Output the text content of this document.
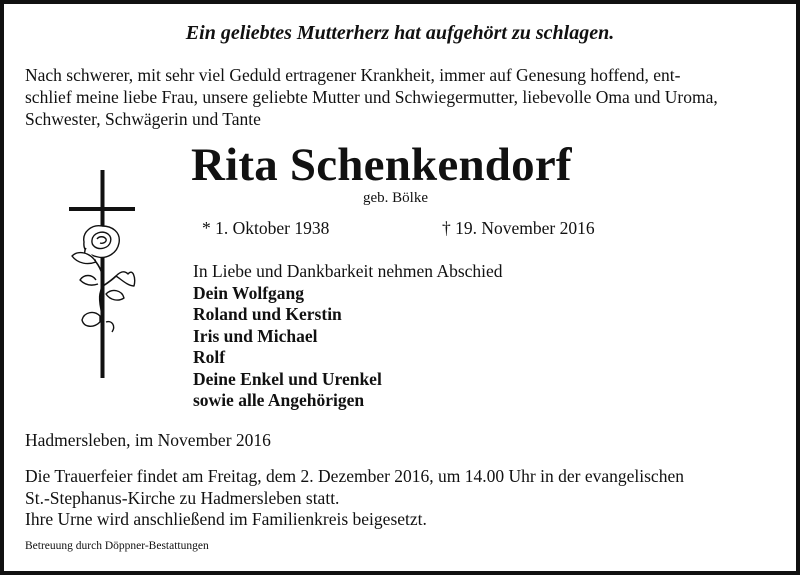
Ein geliebtes Mutterherz hat aufgehört zu schlagen.
Nach schwerer, mit sehr viel Geduld ertragener Krankheit, immer auf Genesung hoffend, ent-
schlief meine liebe Frau, unsere geliebte Mutter und Schwiegermutter, liebevolle Oma und Uroma,
Schwester, Schwägerin und Tante
Rita Schenkendorf
geb. Bölke
* 1. Oktober 1938	† 19. November 2016
In Liebe und Dankbarkeit nehmen Abschied
Dein Wolfgang
Roland und Kerstin
Iris und Michael
Rolf
Deine Enkel und Urenkel
sowie alle Angehörigen
Hadmersleben, im November 2016
Die Trauerfeier findet am Freitag, dem 2. Dezember 2016, um 14.00 Uhr in der evangelischen
St.-Stephanus-Kirche zu Hadmersleben statt.
Ihre Urne wird anschließend im Familienkreis beigesetzt.
Betreuung durch Döppner-Bestattungen
